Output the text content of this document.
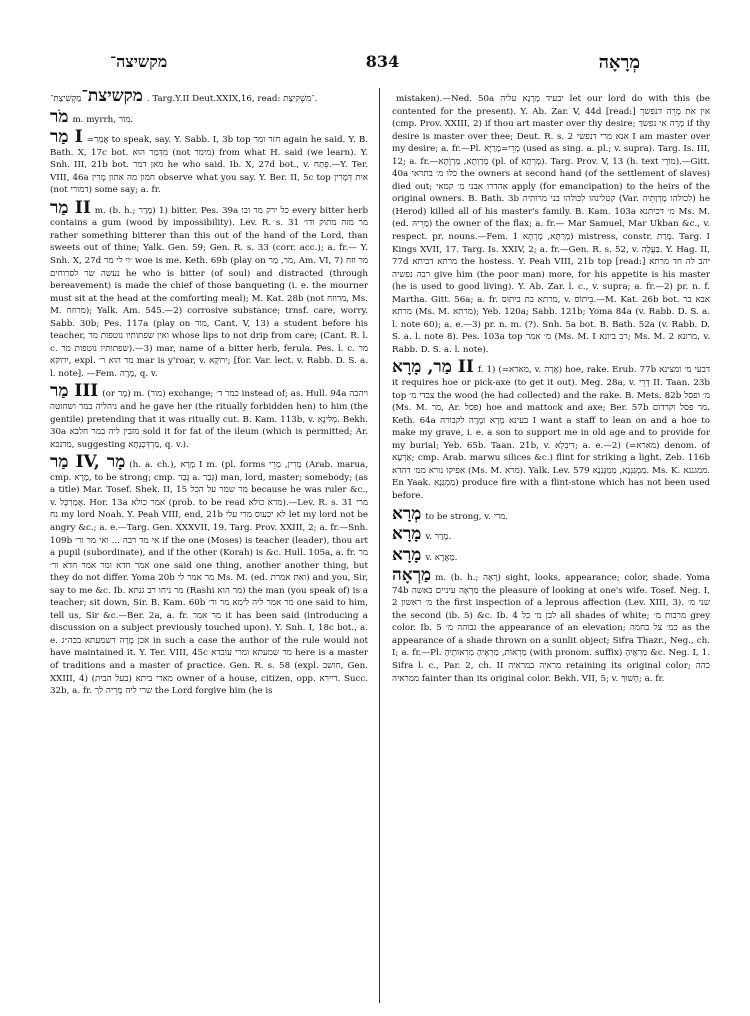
מקשיצה־	834	מְרָאָה
מקשיצת־מַקְשִׁיצַת־. Targ.Y.II Deut.XXIX,16, read: ־מִשְׁקִיצַת.
מֹר m. myrrh, מוֹר.
מַר I =אֲמַר to speak, say. Y. Sabb. I, 3b top חזר ומר again he said. Y. B. Bath. X, 17c bot. מִדְּמַר הוּא (not מימר) from what H. said (we learn). Y. Snh. III, 21b bot. מאן דמר he who said. Ib. X, 27d bot., v. פְּתַח.—Y. Ter. VIII, 46a חמון מה אתון מָרִין observe what you say. Y. Ber. II, 5c top אית דְּמָרִין (not דמורי) some say; a. fr.
מַר II m. (b. h.; מָרַר) 1) bitter. Pes. 39a כל ירק מר ובו every bitter herb contains a gum (wood by impossibility). Lev. R. s. 31 מר מזה מתוק ודו׳ rather something bitterer than this out of the hand of the Lord, than sweets out of thine; Yalk. Gen. 59; Gen. R. s. 33 (corr. acc.); a. fr.— Y. Snh. X, 27d ׳וי לי מר woe is me. Keth. 69b (play on מֹר, מַר, Am. VI, 7) מר וזח נעשה שר לסרוחים he who is bitter (of soul) and distracted (through bereavement) is made the chief of those banqueting (i. e. the mourner must sit at the head at the comforting meal); M. Kat. 28b (not מרוזח, Ms. M. מרוזח); Yalk. Am. 545.—2) corrosive substance; trnsf. care, worry. Sabb. 30b; Pes. 117a (play on מוֹר, Cant. V, 13) a student before his teacher, ואין שפתותיו נוטפות מר whose lips to not drip from care; (Cant. R. l. c. שפתותיו נוטפות מר).—3) mar, name of a bitter herb, ferula. Pes. l. c. מר ירוקא, expl. מר הוא ר׳ mar is y'roar, v. ירוֹקָא; [for. Var. lect. v. Rabb. D. S. a. l. note]. —Fem. מָרָה, q. v.
מַר III (or מָר) m. (מור) exchange; כמר ד׳ instead of; as. Hull. 94a ויהבה ניהליה במר ושחוטה and he gave her (the ritually forbidden hen) to him (the gentile) pretending that it was ritually cut. B. Kam. 113b, v. מְלִינָא. Bekh. 30a מזבין ליה במר חלבא sold it for fat of the ileum (which is permitted; Ar. מרנכא, suggesting מַרְדְּכָנְתָא, q. v.).
מַר IV, מָר (h. a. ch.), מָרָא I m. (pl. forms מָרִין, מָרֵי (Arab. marua, cmp. מָרָא, to be strong; cmp. גֶּבֶר a. גְּבַר) man, lord, master; somebody; (as a title) Mar. Tosef. Shek. II, 15 מר שמר על הכל because he was ruler &c., v. אֶמַרְכָּל. Hor. 13a אמר כולא (prob. to be read מרא כולא).—Lev. R. s. 31 מרי נח my lord Noah. Y. Peah VIII, end, 21b לא יכעוס מרי עלי let my lord not be angry &c.; a. e.—Targ. Gen. XXXVII, 19. Targ. Prov. XXIII, 2; a. fr.—Snh. 109b אי מר רבה ... ואי מר ור׳ if the one (Moses) is teacher (leader), thou art a pupil (subordinate), and if the other (Korah) is &c. Hull. 105a, a. fr. מר אמר חדא ומר אמר חדא ור׳ one said one thing, another another thing, but they do not differ. Yoma 20b מר אמר לי Ms. M. (ed. ואת אמרת) and you, Sir, say to me &c. Ib. מר ניחו רב גנתא (Rashi מר הוא) the man (you speak of) is a teacher; sit down, Sir. B. Kam. 60b מר אמר ליה לימא מר ור׳ one said to him, tell us, Sir &c.—Ber. 2a, a. fr. מר אמר it has been said (introducing a discussion on a subject previously touched upon). Y. Snh. I, 18c bot., a. e. אכן מָרָה דשמעתא בכה״ג in such a case the author of the rule would not have maintained it. Y. Ter. VIII, 45c מר שמעתא ומרי עובדא here is a master of traditions and a master of practice. Gen. R. s. 58 (expl. חושב, Gen. XXIII, 4) מארי ביתא (בעל הבית) owner of a house, citizen, opp. דיירא. Succ. 32b, a. fr. שרי ליה מָרֵיה לך the Lord forgive him (he is
mistaken).—Ned. 50a יבעיד מָרָנָא עליה let our lord do with this (be contented for the present). Y. Ab. Zar. V, 44d [read:] אין את מָרֵה דנפשך (cmp. Prov. XXIII, 2) if thou art master over thy desire; מָרָה אי נפשך if thy desire is master over thee; Deut. R. s. 2 אנא מרי דנפשי I am master over my desire; a. fr.—Pl. מָרֵי=מָרַיָּא (used as sing. a. pl.; v. supra). Targ. Is. III, 12; a. fr.—מָרַוְתָא, מָרְוָתָא (pl. of מָרְתָא). Targ. Prov. V, 13 (h. text מוֹרָי).—Gitt. 40a כלו מ׳ בתראי the owners at second hand (of the settlement of slaves) died out; אהדרו אבני מ׳ קמאי apply (for emancipation) to the heirs of the original owners. B. Bath. 3b קטלינהו לכולהו בני מרותיה (Var. לכולהו מָרְוָתֵיה) he (Herod) killed all of his master's family. B. Kam. 103a מ׳ דכיתנא Ms. M. (ed. מָרֵיהּ) the owner of the flax; a. fr.— Mar Samuel, Mar Ukban &c., v. respect. pr. nouns.—Fem. מָרְתָּא, מָרְתָא 1) mistress, constr. מָרַת. Targ. I Kings XVII, 17. Targ. Is. XXIV, 2; a. fr.—Gen. R. s. 52, v. בַּעֲלָה. Y. Hag. II, 77d מרתא דביתא the hostess. Y. Peah VIII, 21b top [read:] יהב לה חד מרתא רבה נפשיה give him (the poor man) more, for his appetite is his master (he is used to good living). Y. Ab. Zar. l. c., v. supra; a. fr.—2) pr. n. f. Martha. Gitt. 56a; a. fr. מרתא בת ביתוס, v. בֵּיתוֹס.—M. Kat. 26b bot. אבא בר מרתא (Ms. M. מרתא); Yeb. 120a; Sabb. 121b; Yoma 84a (v. Rabb. D. S. a. l. note 60); a. e.—3) pr. n. m. (?). Snh. 5a bot. B. Bath. 52a (v. Rabb. D. S. a. l. note 8). Pes. 103a top מ׳ אמר (Ms. M. I רב ביונא; Ms. M. 2 מרונא, v. Rabb. D. S. a. l. note).
מַר, מָרָא II f. 1) (=מארא, v. אָרָה) hoe, rake. Erub. 77b דבעי מ׳ ומצינא it requires hoe or pick-axe (to get it out). Meg. 28a, v. דְּרֵי II. Taan. 23b top צבדי מ׳ the wood (he had collected) and the rake. B. Mets. 82b מ׳ ופסל (Ms. M. מר, Ar. פסל) hoe and mattock and axe; Ber. 57b מר פסל וקרדום. Keth. 64a בעינא מָרָא ומָרָה לקבורה I want a staff to lean on and a hoe to make my grave, i. e. a son to support me in old age and to provide for my burial; Yeb. 65b. Taan. 21b, v. דִּיבְלָא; a. e.—2) (=מארא) denom. of אַרְעָא; cmp. Arab. marwu silices &c.) flint for striking a light. Zeb. 116b אפיקו נורא ממ׳ דהדא (Ms. M. מרא). Yalk. Lev. 579 מַמְגַּנְנָא, מַמְגָּנְנָא. Ms. K. ממגננא. En Yaak. מַמְגַּנָא) produce fire with a flint-stone which has not been used before.
מְרָא to be strong, v. מרי.
מָרָא v. מָרַר.
מָרָא v. מַאֲרָא.
מַרְאָה m. (b. h.; רָאָה) sight, looks, appearance; color, shade. Yoma 74b מַרְאָה עיניים באשה the pleasure of looking at one's wife. Tosef. Neg. I, 2 מ׳ ראשון the first inspection of a leprous affection (Lev. XIII, 3). שני מ׳ the second (ib. 5) &c. Ib. 4 לבן מ׳ כל all shades of white; מרבות מ׳ grey color. Ib. 5 גבוהה מ׳ the appearance of an elevation; כמ׳ צל בחמה as the appearance of a shade thrown on a sunlit object; Sifra Thazr., Neg., ch. I; a. fr.—Pl. מַרְאוֹת, מַרְאֶיהָ מַרְאוֹתֶיהָ (with pronom. suffix) מַרְאֶיהָ &c. Neg. I, 1. Sifra l. c., Par. 2, ch. II מראיה במראיה retaining its original color; כהה ממראיה fainter than its original color. Bekh. VII, 5; v. חָשׁוּךְ; a. fr.
